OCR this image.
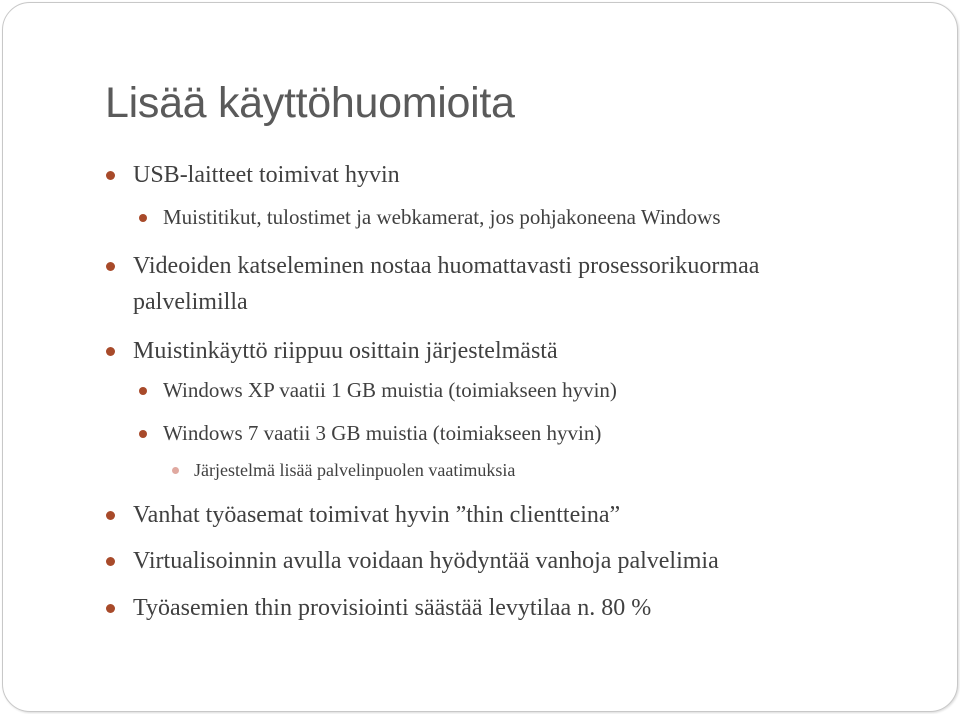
Lisää käyttöhuomioita
USB-laitteet toimivat hyvin
Muistitikut, tulostimet ja webkamerat, jos pohjakoneena Windows
Videoiden katseleminen nostaa huomattavasti prosessorikuormaa
palvelimilla
Muistinkäyttö riippuu osittain järjestelmästä
Windows XP vaatii 1 GB muistia (toimiakseen hyvin)
Windows 7 vaatii 3 GB muistia (toimiakseen hyvin)
Järjestelmä lisää palvelinpuolen vaatimuksia
Vanhat työasemat toimivat hyvin ”thin clientteina”
Virtualisoinnin avulla voidaan hyödyntää vanhoja palvelimia
Työasemien thin provisiointi säästää levytilaa n. 80 %
